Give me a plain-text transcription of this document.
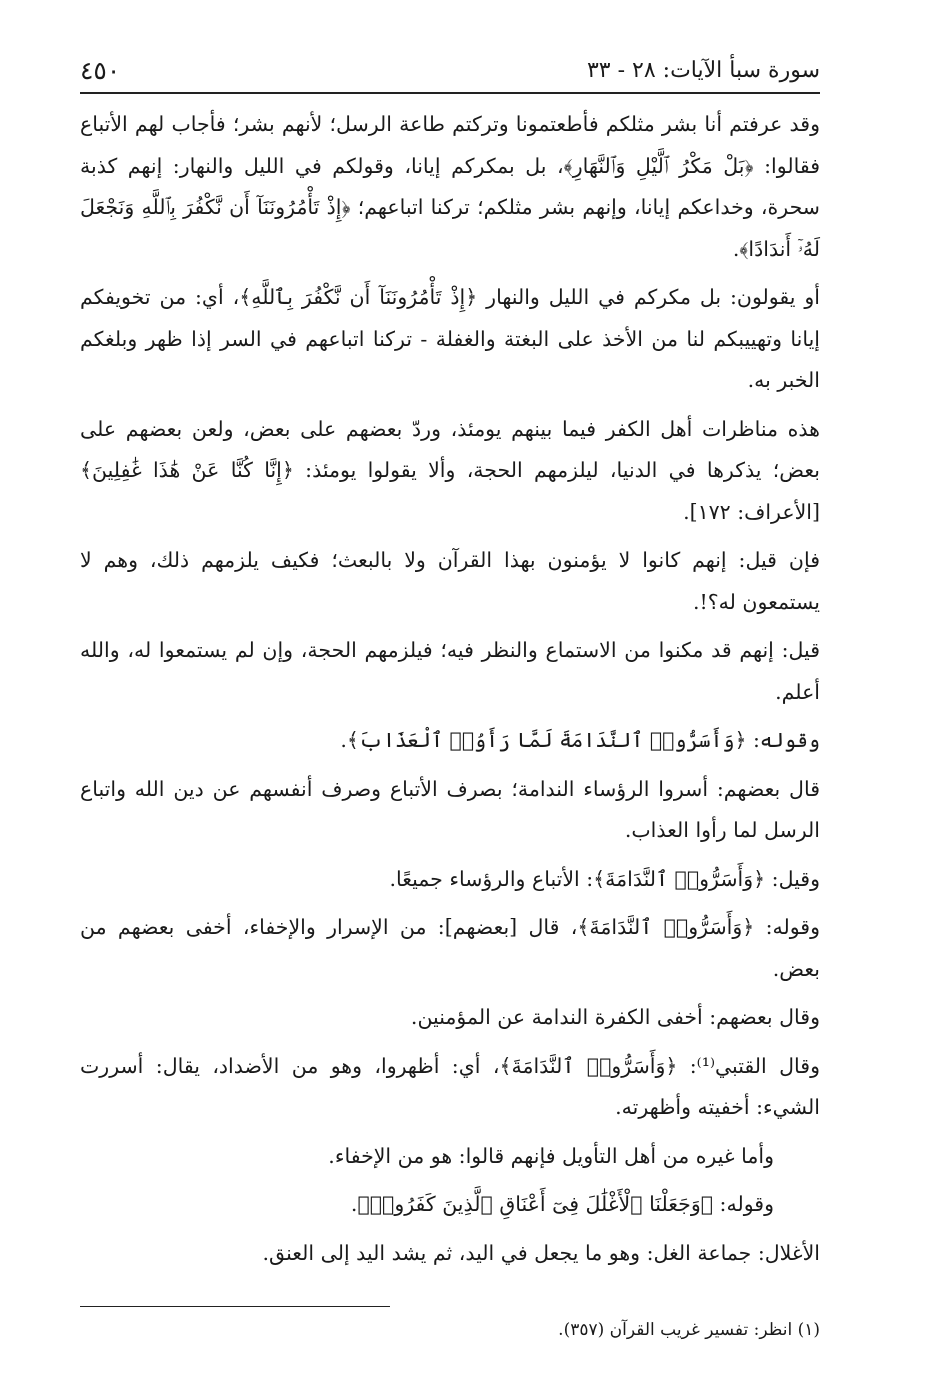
سورة سبأ الآيات: ٢٨ - ٣٣
٤٥٠

وقد عرفتم أنا بشر مثلكم فأطعتمونا وتركتم طاعة الرسل؛ لأنهم بشر؛ فأجاب لهم الأتباع فقالوا: ﴿بَلْ مَكْرُ ٱلَّيْلِ وَٱلنَّهَارِ﴾، بل بمكركم إيانا، وقولكم في الليل والنهار: إنهم كذبة سحرة، وخداعكم إيانا، وإنهم بشر مثلكم؛ تركنا اتباعهم؛ ﴿إِذْ تَأْمُرُونَنَآ أَن نَّكْفُرَ بِٱللَّهِ وَنَجْعَلَ لَهُۥٓ أَندَادًا﴾.

أو يقولون: بل مكركم في الليل والنهار ﴿إِذْ تَأْمُرُونَنَآ أَن نَّكْفُرَ بِٱللَّهِ﴾، أي: من تخويفكم إيانا وتهييبكم لنا من الأخذ على البغتة والغفلة - تركنا اتباعهم في السر إذا ظهر وبلغكم الخبر به.

هذه مناظرات أهل الكفر فيما بينهم يومئذ، وردّ بعضهم على بعض، ولعن بعضهم على بعض؛ يذكرها في الدنيا، ليلزمهم الحجة، وألا يقولوا يومئذ: ﴿إِنَّا كُنَّا عَنْ هَٰذَا غَٰفِلِينَ﴾ [الأعراف: ١٧٢].

فإن قيل: إنهم كانوا لا يؤمنون بهذا القرآن ولا بالبعث؛ فكيف يلزمهم ذلك، وهم لا يستمعون له؟!.

قيل: إنهم قد مكنوا من الاستماع والنظر فيه؛ فيلزمهم الحجة، وإن لم يستمعوا له، والله أعلم.

وقوله: ﴿وَأَسَرُّوا۟ ٱلنَّدَامَةَ لَمَّا رَأَوُا۟ ٱلْعَذَابَ﴾.

قال بعضهم: أسروا الرؤساء الندامة؛ بصرف الأتباع وصرف أنفسهم عن دين الله واتباع الرسل لما رأوا العذاب.

وقيل: ﴿وَأَسَرُّوا۟ ٱلنَّدَامَةَ﴾: الأتباع والرؤساء جميعًا.

وقوله: ﴿وَأَسَرُّوا۟ ٱلنَّدَامَةَ﴾، قال [بعضهم]: من الإسرار والإخفاء، أخفى بعضهم من بعض.

وقال بعضهم: أخفى الكفرة الندامة عن المؤمنين.

وقال القتبي⁽¹⁾: ﴿وَأَسَرُّوا۟ ٱلنَّدَامَةَ﴾، أي: أظهروا، وهو من الأضداد، يقال: أسررت الشيء: أخفيته وأظهرته.

وأما غيره من أهل التأويل فإنهم قالوا: هو من الإخفاء.

وقوله: ﴿وَجَعَلْنَا ٱلْأَغْلَٰلَ فِىٓ أَعْنَاقِ ٱلَّذِينَ كَفَرُوا۟﴾.

الأغلال: جماعة الغل: وهو ما يجعل في اليد، ثم يشد اليد إلى العنق.

(١) انظر: تفسير غريب القرآن (٣٥٧).
